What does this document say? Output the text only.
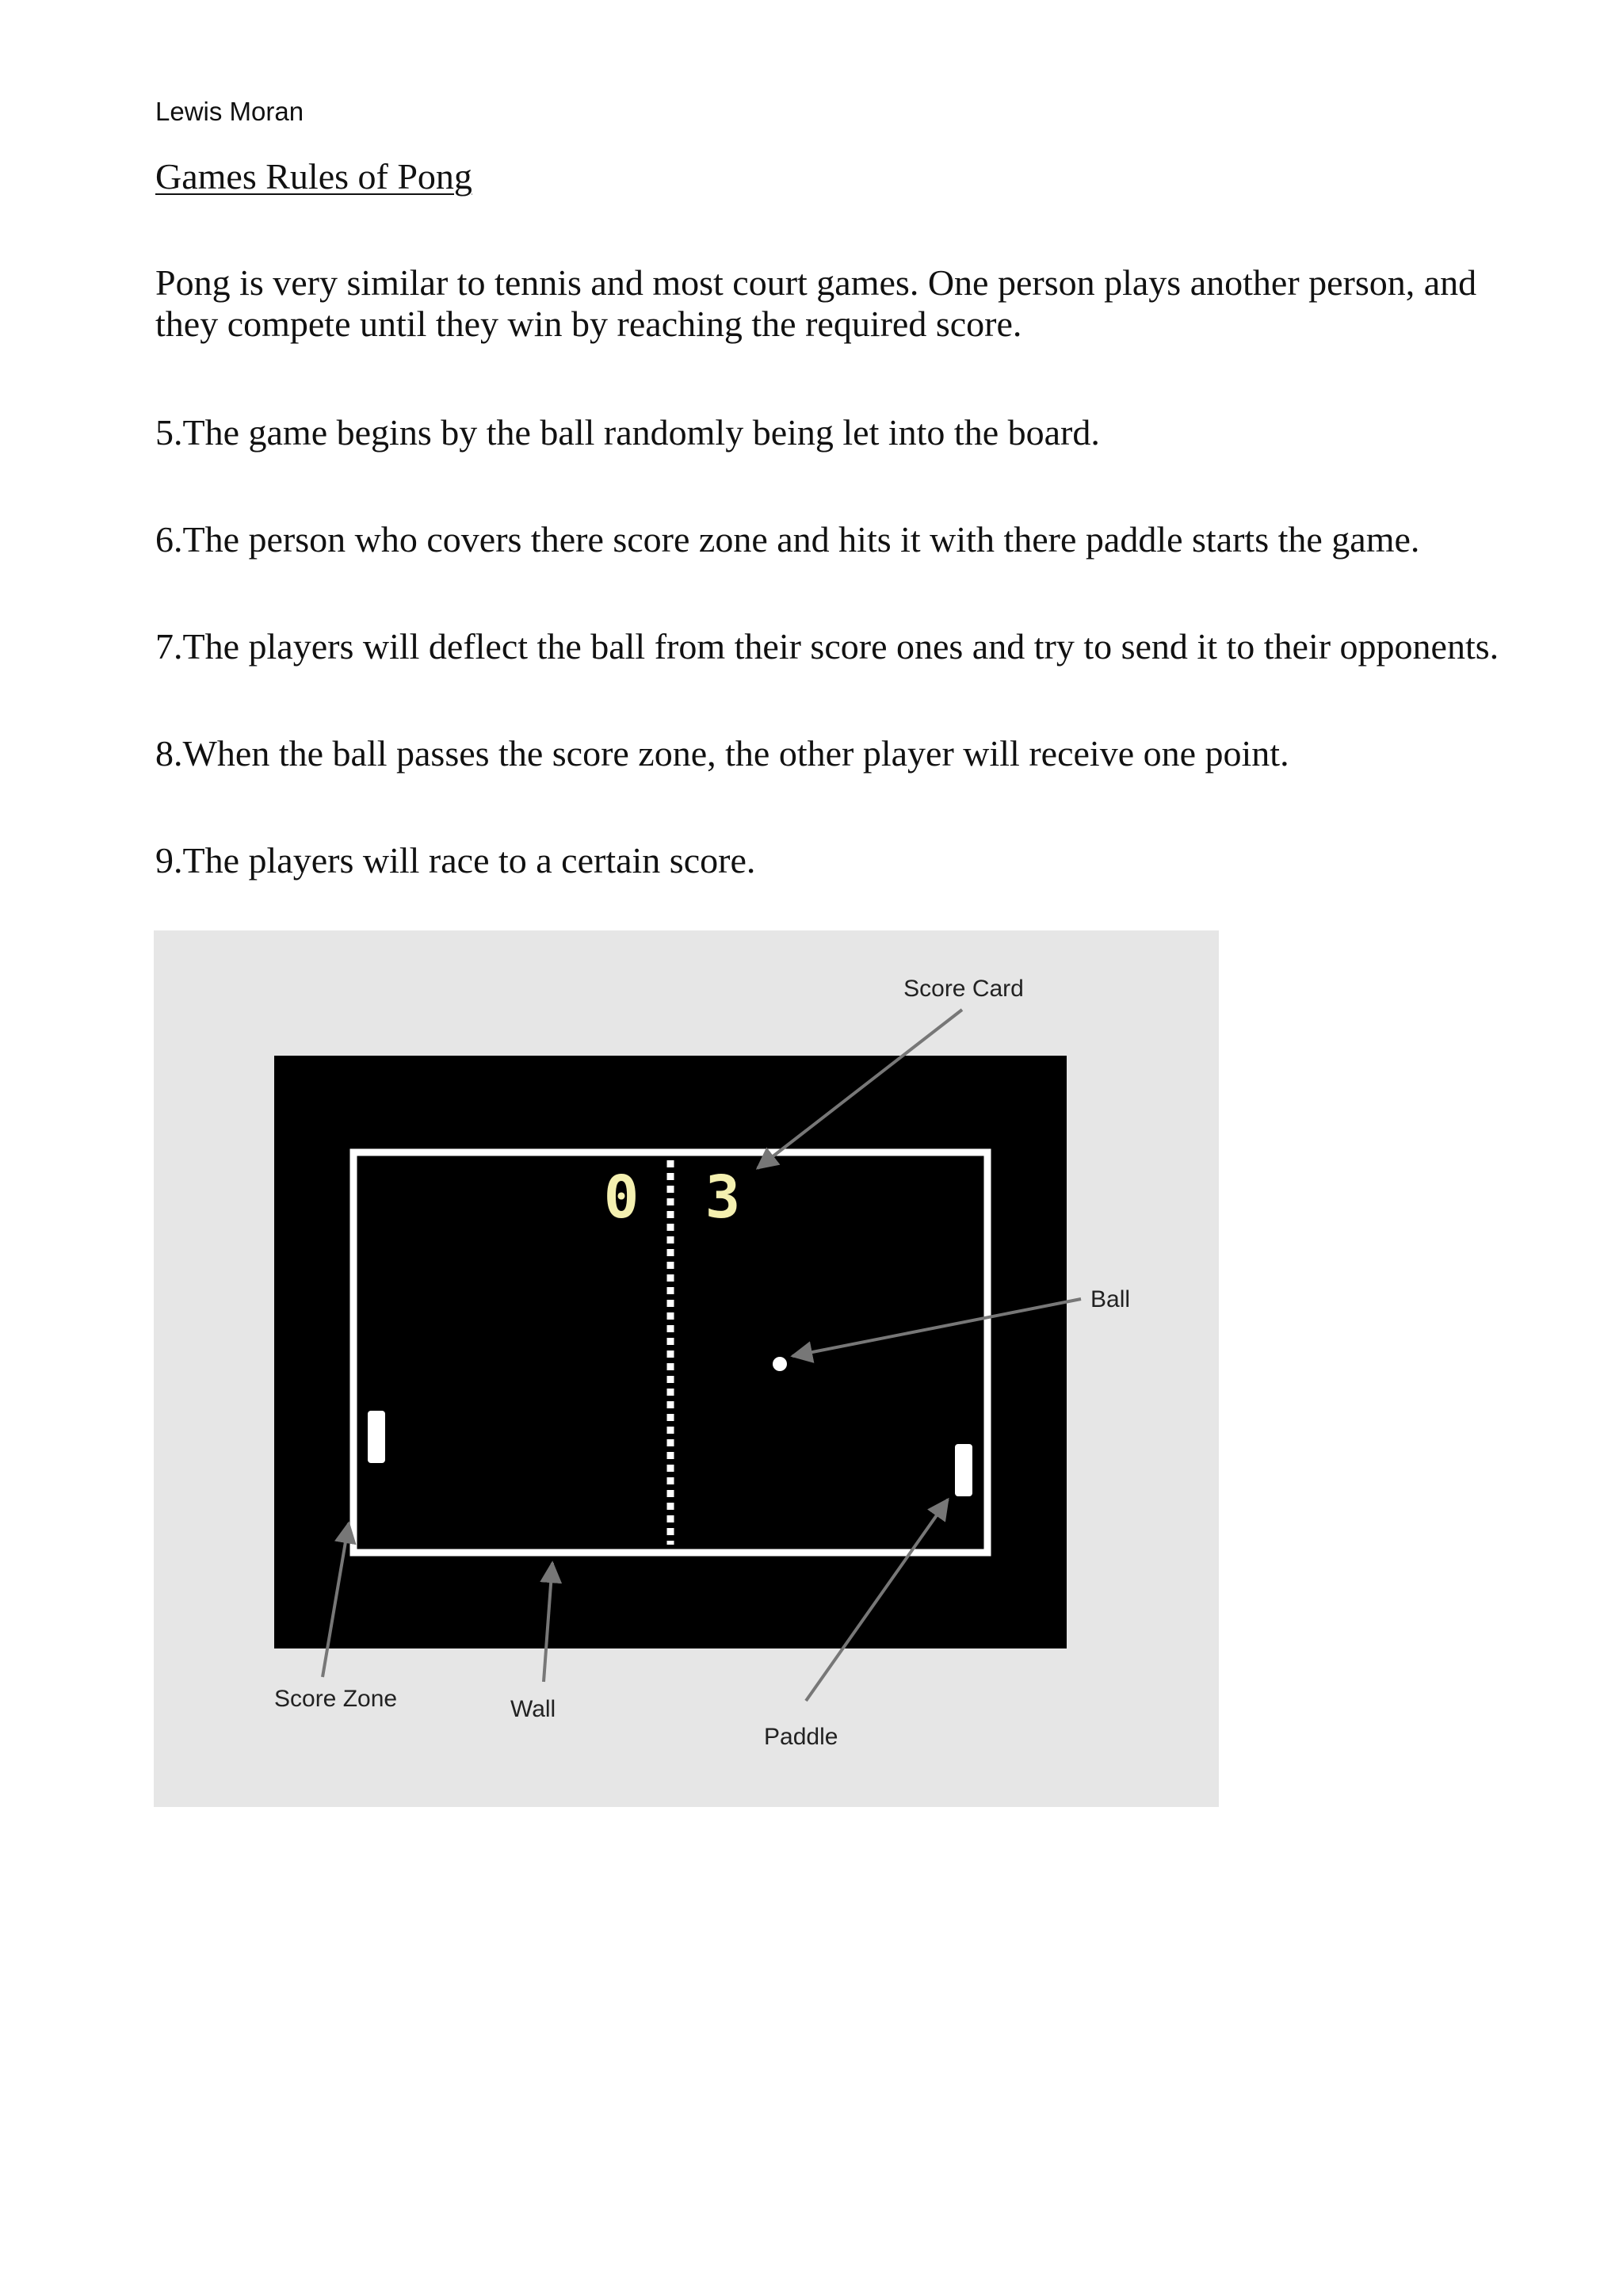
Lewis Moran
Games Rules of Pong
Pong is very similar to tennis and most court games. One person plays another person, and they compete until they win by reaching the required score.
5.The game begins by the ball randomly being let into the board.
6.The person who covers there score zone and hits it with there paddle starts the game.
7.The players will deflect the ball from their score ones and try to send it to their opponents.
8.When the ball passes the score zone, the other player will receive one point.
9.The players will race to a certain score.
0 3
Score Card
Ball
Score Zone	Wall
Paddle
